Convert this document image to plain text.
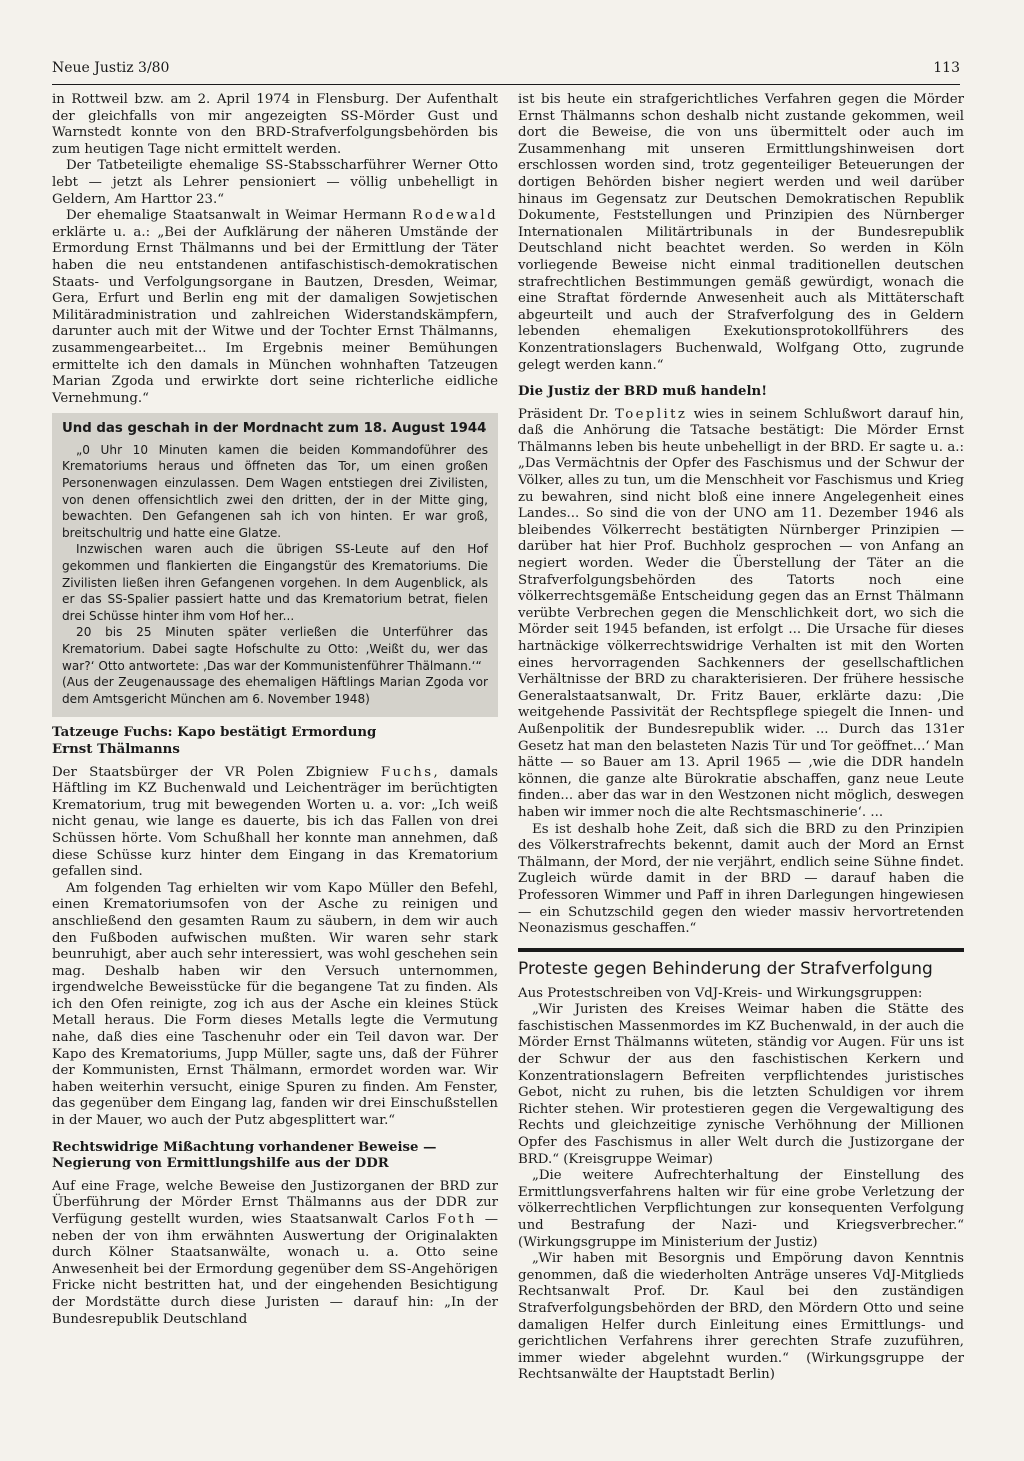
Neue Justiz 3/80	113

in Rottweil bzw. am 2. April 1974 in Flensburg. Der Aufenthalt der gleichfalls von mir angezeigten SS-Mörder Gust und Warnstedt konnte von den BRD-Strafverfolgungsbehörden bis zum heutigen Tage nicht ermittelt werden.

Der Tatbeteiligte ehemalige SS-Stabsscharführer Werner Otto lebt — jetzt als Lehrer pensioniert — völlig unbehelligt in Geldern, Am Harttor 23.“

Der ehemalige Staatsanwalt in Weimar Hermann Rodewald erklärte u. a.: „Bei der Aufklärung der näheren Umstände der Ermordung Ernst Thälmanns und bei der Ermittlung der Täter haben die neu entstandenen antifaschistisch-demokratischen Staats- und Verfolgungsorgane in Bautzen, Dresden, Weimar, Gera, Erfurt und Berlin eng mit der damaligen Sowjetischen Militäradministration und zahlreichen Widerstandskämpfern, darunter auch mit der Witwe und der Tochter Ernst Thälmanns, zusammengearbeitet... Im Ergebnis meiner Bemühungen ermittelte ich den damals in München wohnhaften Tatzeugen Marian Zgoda und erwirkte dort seine richterliche eidliche Vernehmung.“

Und das geschah in der Mordnacht zum 18. August 1944

„0 Uhr 10 Minuten kamen die beiden Kommandoführer des Krematoriums heraus und öffneten das Tor, um einen großen Personenwagen einzulassen. Dem Wagen entstiegen drei Zivilisten, von denen offensichtlich zwei den dritten, der in der Mitte ging, bewachten. Den Gefangenen sah ich von hinten. Er war groß, breitschultrig und hatte eine Glatze.

Inzwischen waren auch die übrigen SS-Leute auf den Hof gekommen und flankierten die Eingangstür des Krematoriums. Die Zivilisten ließen ihren Gefangenen vorgehen. In dem Augenblick, als er das SS-Spalier passiert hatte und das Krematorium betrat, fielen drei Schüsse hinter ihm vom Hof her...

20 bis 25 Minuten später verließen die Unterführer das Krematorium. Dabei sagte Hofschulte zu Otto: ‚Weißt du, wer das war?‘ Otto antwortete: ‚Das war der Kommunistenführer Thälmann.‘“

(Aus der Zeugenaussage des ehemaligen Häftlings Marian Zgoda vor dem Amtsgericht München am 6. November 1948)

Tatzeuge Fuchs: Kapo bestätigt Ermordung
Ernst Thälmanns

Der Staatsbürger der VR Polen Zbigniew Fuchs, damals Häftling im KZ Buchenwald und Leichenträger im berüchtigten Krematorium, trug mit bewegenden Worten u. a. vor: „Ich weiß nicht genau, wie lange es dauerte, bis ich das Fallen von drei Schüssen hörte. Vom Schußhall her konnte man annehmen, daß diese Schüsse kurz hinter dem Eingang in das Krematorium gefallen sind.

Am folgenden Tag erhielten wir vom Kapo Müller den Befehl, einen Krematoriumsofen von der Asche zu reinigen und anschließend den gesamten Raum zu säubern, in dem wir auch den Fußboden aufwischen mußten. Wir waren sehr stark beunruhigt, aber auch sehr interessiert, was wohl geschehen sein mag. Deshalb haben wir den Versuch unternommen, irgendwelche Beweisstücke für die begangene Tat zu finden. Als ich den Ofen reinigte, zog ich aus der Asche ein kleines Stück Metall heraus. Die Form dieses Metalls legte die Vermutung nahe, daß dies eine Taschenuhr oder ein Teil davon war. Der Kapo des Krematoriums, Jupp Müller, sagte uns, daß der Führer der Kommunisten, Ernst Thälmann, ermordet worden war. Wir haben weiterhin versucht, einige Spuren zu finden. Am Fenster, das gegenüber dem Eingang lag, fanden wir drei Einschußstellen in der Mauer, wo auch der Putz abgesplittert war.“

Rechtswidrige Mißachtung vorhandener Beweise —
Negierung von Ermittlungshilfe aus der DDR

Auf eine Frage, welche Beweise den Justizorganen der BRD zur Überführung der Mörder Ernst Thälmanns aus der DDR zur Verfügung gestellt wurden, wies Staatsanwalt Carlos Foth — neben der von ihm erwähnten Auswertung der Originalakten durch Kölner Staatsanwälte, wonach u. a. Otto seine Anwesenheit bei der Ermordung gegenüber dem SS-Angehörigen Fricke nicht bestritten hat, und der eingehenden Besichtigung der Mordstätte durch diese Juristen — darauf hin: „In der Bundesrepublik Deutschland

ist bis heute ein strafgerichtliches Verfahren gegen die Mörder Ernst Thälmanns schon deshalb nicht zustande gekommen, weil dort die Beweise, die von uns übermittelt oder auch im Zusammenhang mit unseren Ermittlungshinweisen dort erschlossen worden sind, trotz gegenteiliger Beteuerungen der dortigen Behörden bisher negiert werden und weil darüber hinaus im Gegensatz zur Deutschen Demokratischen Republik Dokumente, Feststellungen und Prinzipien des Nürnberger Internationalen Militärtribunals in der Bundesrepublik Deutschland nicht beachtet werden. So werden in Köln vorliegende Beweise nicht einmal traditionellen deutschen strafrechtlichen Bestimmungen gemäß gewürdigt, wonach die eine Straftat fördernde Anwesenheit auch als Mittäterschaft abgeurteilt und auch der Strafverfolgung des in Geldern lebenden ehemaligen Exekutionsprotokollführers des Konzentrationslagers Buchenwald, Wolfgang Otto, zugrunde gelegt werden kann.“

Die Justiz der BRD muß handeln!

Präsident Dr. Toeplitz wies in seinem Schlußwort darauf hin, daß die Anhörung die Tatsache bestätigt: Die Mörder Ernst Thälmanns leben bis heute unbehelligt in der BRD. Er sagte u. a.: „Das Vermächtnis der Opfer des Faschismus und der Schwur der Völker, alles zu tun, um die Menschheit vor Faschismus und Krieg zu bewahren, sind nicht bloß eine innere Angelegenheit eines Landes... So sind die von der UNO am 11. Dezember 1946 als bleibendes Völkerrecht bestätigten Nürnberger Prinzipien — darüber hat hier Prof. Buchholz gesprochen — von Anfang an negiert worden. Weder die Überstellung der Täter an die Strafverfolgungsbehörden des Tatorts noch eine völkerrechtsgemäße Entscheidung gegen das an Ernst Thälmann verübte Verbrechen gegen die Menschlichkeit dort, wo sich die Mörder seit 1945 befanden, ist erfolgt ... Die Ursache für dieses hartnäckige völkerrechtswidrige Verhalten ist mit den Worten eines hervorragenden Sachkenners der gesellschaftlichen Verhältnisse der BRD zu charakterisieren. Der frühere hessische Generalstaatsanwalt, Dr. Fritz Bauer, erklärte dazu: ‚Die weitgehende Passivität der Rechtspflege spiegelt die Innen- und Außenpolitik der Bundesrepublik wider. ... Durch das 131er Gesetz hat man den belasteten Nazis Tür und Tor geöffnet...‘ Man hätte — so Bauer am 13. April 1965 — ‚wie die DDR handeln können, die ganze alte Bürokratie abschaffen, ganz neue Leute finden... aber das war in den Westzonen nicht möglich, deswegen haben wir immer noch die alte Rechtsmaschinerie‘. ...

Es ist deshalb hohe Zeit, daß sich die BRD zu den Prinzipien des Völkerstrafrechts bekennt, damit auch der Mord an Ernst Thälmann, der Mord, der nie verjährt, endlich seine Sühne findet. Zugleich würde damit in der BRD — darauf haben die Professoren Wimmer und Paff in ihren Darlegungen hingewiesen — ein Schutzschild gegen den wieder massiv hervortretenden Neonazismus geschaffen.“

Proteste gegen Behinderung der Strafverfolgung

Aus Protestschreiben von VdJ-Kreis- und Wirkungsgruppen:

„Wir Juristen des Kreises Weimar haben die Stätte des faschistischen Massenmordes im KZ Buchenwald, in der auch die Mörder Ernst Thälmanns wüteten, ständig vor Augen. Für uns ist der Schwur der aus den faschistischen Kerkern und Konzentrationslagern Befreiten verpflichtendes juristisches Gebot, nicht zu ruhen, bis die letzten Schuldigen vor ihrem Richter stehen. Wir protestieren gegen die Vergewaltigung des Rechts und gleichzeitige zynische Verhöhnung der Millionen Opfer des Faschismus in aller Welt durch die Justizorgane der BRD.“ (Kreisgruppe Weimar)

„Die weitere Aufrechterhaltung der Einstellung des Ermittlungsverfahrens halten wir für eine grobe Verletzung der völkerrechtlichen Verpflichtungen zur konsequenten Verfolgung und Bestrafung der Nazi- und Kriegsverbrecher.“ (Wirkungsgruppe im Ministerium der Justiz)

„Wir haben mit Besorgnis und Empörung davon Kenntnis genommen, daß die wiederholten Anträge unseres VdJ-Mitglieds Rechtsanwalt Prof. Dr. Kaul bei den zuständigen Strafverfolgungsbehörden der BRD, den Mördern Otto und seine damaligen Helfer durch Einleitung eines Ermittlungs- und gerichtlichen Verfahrens ihrer gerechten Strafe zuzuführen, immer wieder abgelehnt wurden.“ (Wirkungsgruppe der Rechtsanwälte der Hauptstadt Berlin)
